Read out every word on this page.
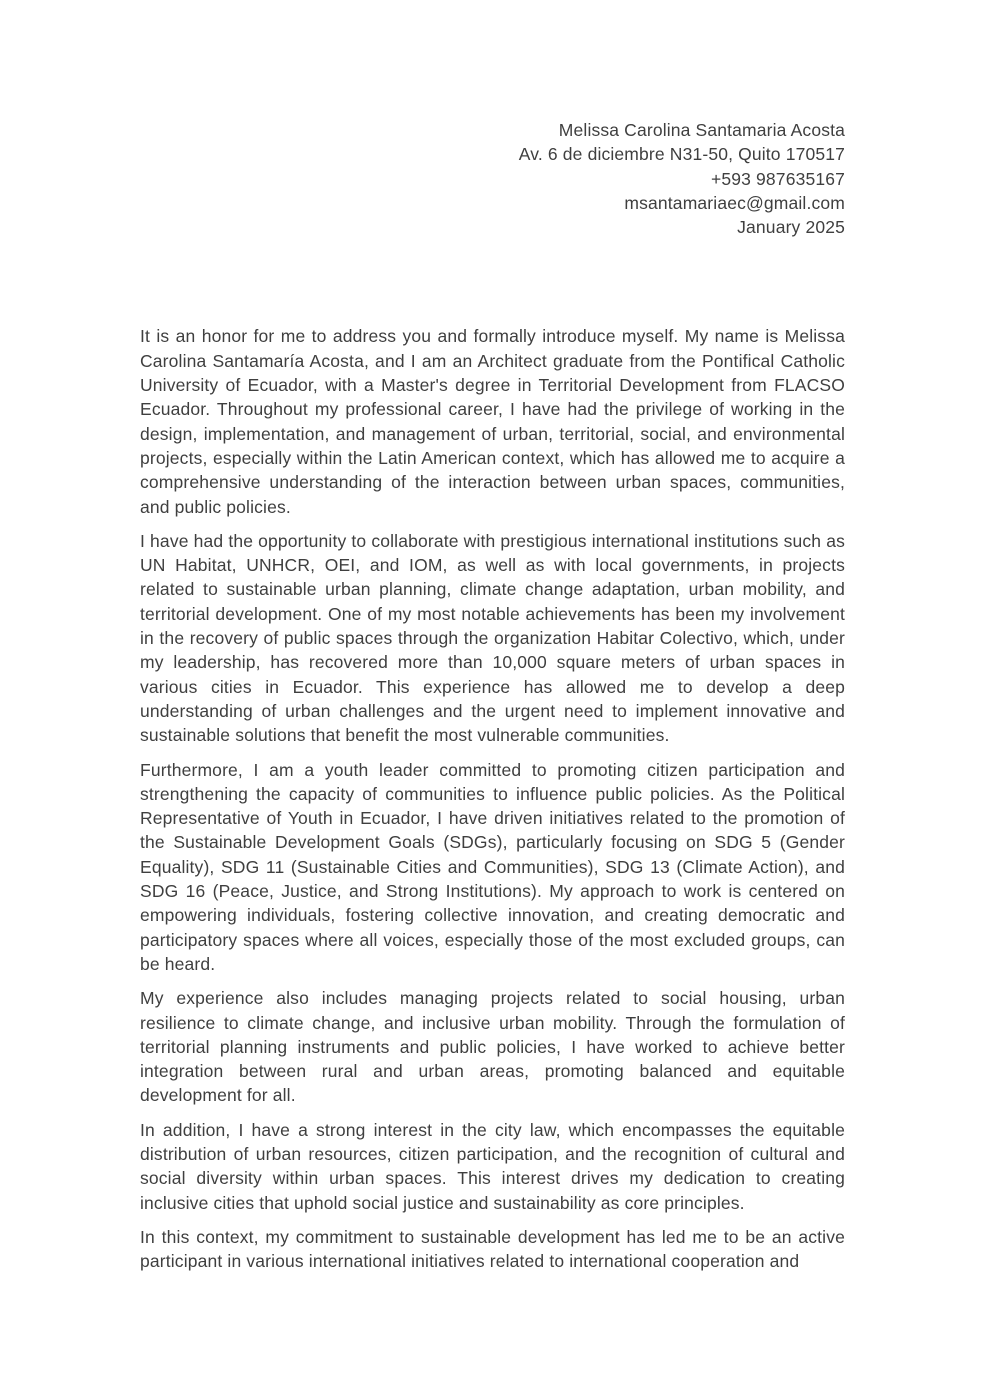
Melissa Carolina Santamaria Acosta
Av. 6 de diciembre N31-50, Quito 170517
+593 987635167
msantamariaec@gmail.com
January 2025

It is an honor for me to address you and formally introduce myself. My name is Melissa Carolina Santamaría Acosta, and I am an Architect graduate from the Pontifical Catholic University of Ecuador, with a Master's degree in Territorial Development from FLACSO Ecuador. Throughout my professional career, I have had the privilege of working in the design, implementation, and management of urban, territorial, social, and environmental projects, especially within the Latin American context, which has allowed me to acquire a comprehensive understanding of the interaction between urban spaces, communities, and public policies.

I have had the opportunity to collaborate with prestigious international institutions such as UN Habitat, UNHCR, OEI, and IOM, as well as with local governments, in projects related to sustainable urban planning, climate change adaptation, urban mobility, and territorial development. One of my most notable achievements has been my involvement in the recovery of public spaces through the organization Habitar Colectivo, which, under my leadership, has recovered more than 10,000 square meters of urban spaces in various cities in Ecuador. This experience has allowed me to develop a deep understanding of urban challenges and the urgent need to implement innovative and sustainable solutions that benefit the most vulnerable communities.

Furthermore, I am a youth leader committed to promoting citizen participation and strengthening the capacity of communities to influence public policies. As the Political Representative of Youth in Ecuador, I have driven initiatives related to the promotion of the Sustainable Development Goals (SDGs), particularly focusing on SDG 5 (Gender Equality), SDG 11 (Sustainable Cities and Communities), SDG 13 (Climate Action), and SDG 16 (Peace, Justice, and Strong Institutions). My approach to work is centered on empowering individuals, fostering collective innovation, and creating democratic and participatory spaces where all voices, especially those of the most excluded groups, can be heard.

My experience also includes managing projects related to social housing, urban resilience to climate change, and inclusive urban mobility. Through the formulation of territorial planning instruments and public policies, I have worked to achieve better integration between rural and urban areas, promoting balanced and equitable development for all.

In addition, I have a strong interest in the city law, which encompasses the equitable distribution of urban resources, citizen participation, and the recognition of cultural and social diversity within urban spaces. This interest drives my dedication to creating inclusive cities that uphold social justice and sustainability as core principles.

In this context, my commitment to sustainable development has led me to be an active participant in various international initiatives related to international cooperation and
